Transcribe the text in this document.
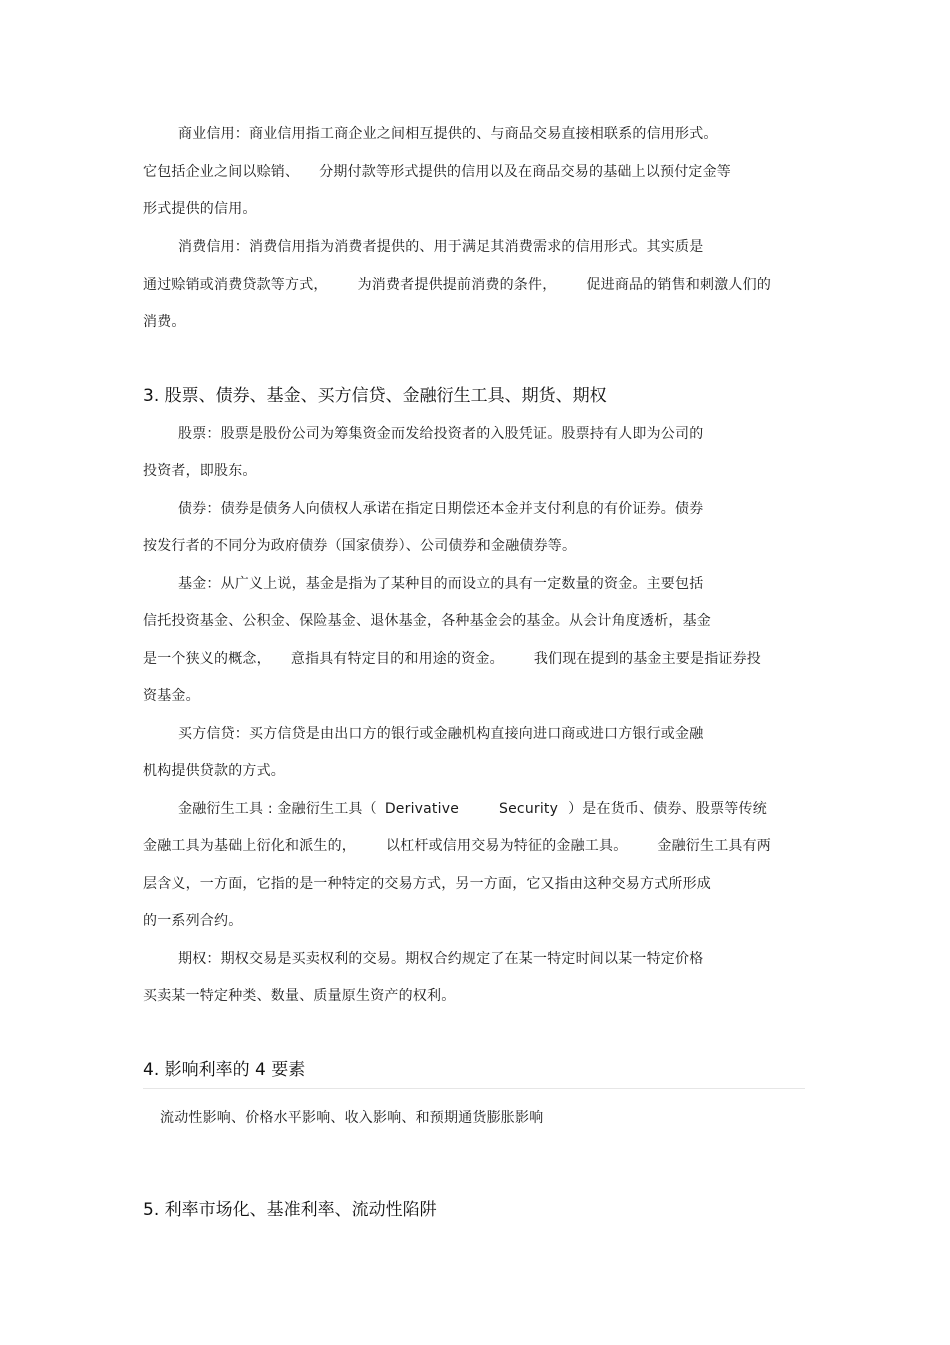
商业信用：商业信用指工商企业之间相互提供的、与商品交易直接相联系的信用形式。
它包括企业之间以赊销、 分期付款等形式提供的信用以及在商品交易的基础上以预付定金等
形式提供的信用。
消费信用：消费信用指为消费者提供的、用于满足其消费需求的信用形式。其实质是
通过赊销或消费贷款等方式， 为消费者提供提前消费的条件， 促进商品的销售和刺激人们的
消费。
3. 股票、债券、基金、买方信贷、金融衍生工具、期货、期权
股票：股票是股份公司为筹集资金而发给投资者的入股凭证。股票持有人即为公司的
投资者，即股东。
债券：债券是债务人向债权人承诺在指定日期偿还本金并支付利息的有价证券。债券
按发行者的不同分为政府债券（国家债券）、公司债券和金融债券等。
基金：从广义上说，基金是指为了某种目的而设立的具有一定数量的资金。主要包括
信托投资基金、公积金、保险基金、退休基金，各种基金会的基金。从会计角度透析，基金
是一个狭义的概念， 意指具有特定目的和用途的资金。 我们现在提到的基金主要是指证券投
资基金。
买方信贷：买方信贷是由出口方的银行或金融机构直接向进口商或进口方银行或金融
机构提供贷款的方式。
金融衍生工具 : 金融衍生工具（ Derivative	Security ）是在货币、债券、股票等传统
金融工具为基础上衍化和派生的， 以杠杆或信用交易为特征的金融工具。 金融衍生工具有两
层含义，一方面，它指的是一种特定的交易方式，另一方面，它又指由这种交易方式所形成
的一系列合约。
期权：期权交易是买卖权利的交易。期权合约规定了在某一特定时间以某一特定价格
买卖某一特定种类、数量、质量原生资产的权利。
4. 影响利率的 4 要素
流动性影响、价格水平影响、收入影响、和预期通货膨胀影响
5. 利率市场化、基准利率、流动性陷阱
